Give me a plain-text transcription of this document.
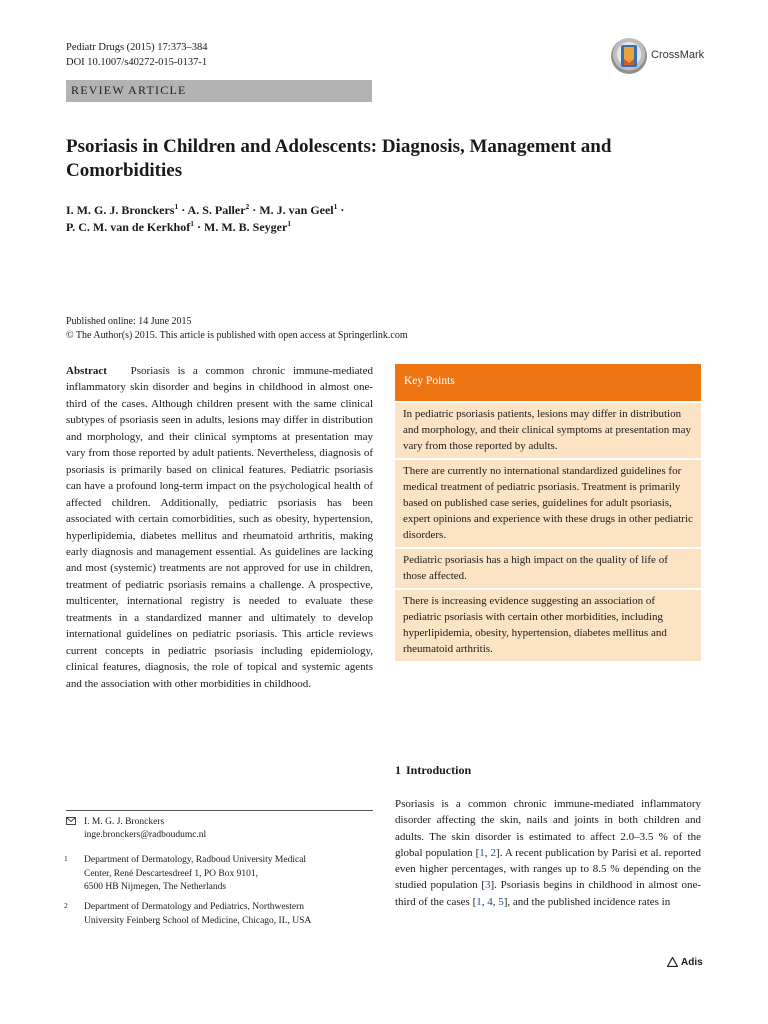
Pediatr Drugs (2015) 17:373–384
DOI 10.1007/s40272-015-0137-1
CrossMark
REVIEW ARTICLE
Psoriasis in Children and Adolescents: Diagnosis, Management and Comorbidities
I. M. G. J. Bronckers$^1$ · A. S. Paller$^2$ · M. J. van Geel$^1$ ·
P. C. M. van de Kerkhof$^1$ · M. M. B. Seyger$^1$
Published online: 14 June 2015
© The Author(s) 2015. This article is published with open access at Springerlink.com
Abstract Psoriasis is a common chronic immune-mediated inflammatory skin disorder and begins in childhood in almost one-third of the cases. Although children present with the same clinical subtypes of psoriasis seen in adults, lesions may differ in distribution and morphology, and their clinical symptoms at presentation may vary from those reported by adult patients. Nevertheless, diagnosis of psoriasis is primarily based on clinical features. Pediatric psoriasis can have a profound long-term impact on the psychological health of affected children. Additionally, pediatric psoriasis has been associated with certain comorbidities, such as obesity, hypertension, hyperlipidemia, diabetes mellitus and rheumatoid arthritis, making early diagnosis and management essential. As guidelines are lacking and most (systemic) treatments are not approved for use in children, treatment of pediatric psoriasis remains a challenge. A prospective, multicenter, international registry is needed to evaluate these treatments in a standardized manner and ultimately to develop international guidelines on pediatric psoriasis. This article reviews current concepts in pediatric psoriasis including epidemiology, clinical features, diagnosis, the role of topical and systemic agents and the association with other morbidities in childhood.
Key Points
In pediatric psoriasis patients, lesions may differ in distribution and morphology, and their clinical symptoms at presentation may vary from those reported by adults.
There are currently no international standardized guidelines for medical treatment of pediatric psoriasis. Treatment is primarily based on published case series, guidelines for adult psoriasis, expert opinions and experience with these drugs in other pediatric disorders.
Pediatric psoriasis has a high impact on the quality of life of those affected.
There is increasing evidence suggesting an association of pediatric psoriasis with certain other morbidities, including hyperlipidemia, obesity, hypertension, diabetes mellitus and rheumatoid arthritis.
1 Introduction
Psoriasis is a common chronic immune-mediated inflammatory disorder affecting the skin, nails and joints in both children and adults. The skin disorder is estimated to affect 2.0–3.5 % of the global population [1, 2]. A recent publication by Parisi et al. reported even higher percentages, with ranges up to 8.5 % depending on the studied population [3]. Psoriasis begins in childhood in almost one-third of the cases [1, 4, 5], and the published incidence rates in
I. M. G. J. Bronckers
inge.bronckers@radboudumc.nl
1 Department of Dermatology, Radboud University Medical
Center, René Descartesdreef 1, PO Box 9101,
6500 HB Nijmegen, The Netherlands
2 Department of Dermatology and Pediatrics, Northwestern
University Feinberg School of Medicine, Chicago, IL, USA
Adis
